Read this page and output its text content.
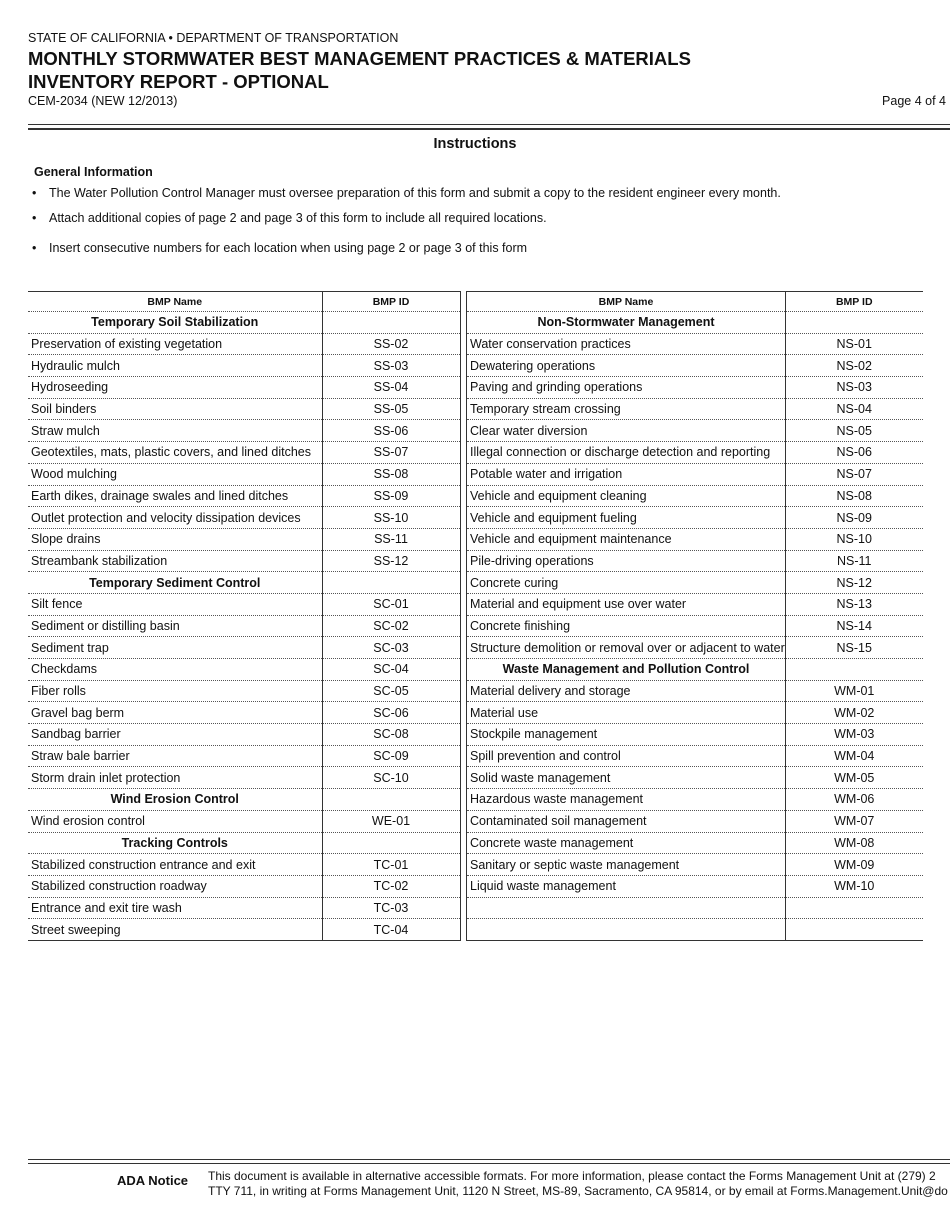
STATE OF CALIFORNIA • DEPARTMENT OF TRANSPORTATION
MONTHLY STORMWATER BEST MANAGEMENT PRACTICES & MATERIALS
INVENTORY REPORT - OPTIONAL
CEM-2034 (NEW 12/2013)	Page 4 of 4
Instructions
General Information
• The Water Pollution Control Manager must oversee preparation of this form and submit a copy to the resident engineer every month.
• Attach additional copies of page 2 and page 3 of this form to include all required locations.
• Insert consecutive numbers for each location when using page 2 or page 3 of this form
BMP Name	BMP ID
Temporary Soil Stabilization	
Preservation of existing vegetation	SS-02
Hydraulic mulch	SS-03
Hydroseeding	SS-04
Soil binders	SS-05
Straw mulch	SS-06
Geotextiles, mats, plastic covers, and lined ditches	SS-07
Wood mulching	SS-08
Earth dikes, drainage swales and lined ditches	SS-09
Outlet protection and velocity dissipation devices	SS-10
Slope drains	SS-11
Streambank stabilization	SS-12
Temporary Sediment Control	
Silt fence	SC-01
Sediment or distilling basin	SC-02
Sediment trap	SC-03
Checkdams	SC-04
Fiber rolls	SC-05
Gravel bag berm	SC-06
Sandbag barrier	SC-08
Straw bale barrier	SC-09
Storm drain inlet protection	SC-10
Wind Erosion Control	
Wind erosion control	WE-01
Tracking Controls	
Stabilized construction entrance and exit	TC-01
Stabilized construction roadway	TC-02
Entrance and exit tire wash	TC-03
Street sweeping	TC-04
BMP Name	BMP ID
Non-Stormwater Management	
Water conservation practices	NS-01
Dewatering operations	NS-02
Paving and grinding operations	NS-03
Temporary stream crossing	NS-04
Clear water diversion	NS-05
Illegal connection or discharge detection and reporting	NS-06
Potable water and irrigation	NS-07
Vehicle and equipment cleaning	NS-08
Vehicle and equipment fueling	NS-09
Vehicle and equipment maintenance	NS-10
Pile-driving operations	NS-11
Concrete curing	NS-12
Material and equipment use over water	NS-13
Concrete finishing	NS-14
Structure demolition or removal over or adjacent to water	NS-15
Waste Management and Pollution Control	
Material delivery and storage	WM-01
Material use	WM-02
Stockpile management	WM-03
Spill prevention and control	WM-04
Solid waste management	WM-05
Hazardous waste management	WM-06
Contaminated soil management	WM-07
Concrete waste management	WM-08
Sanitary or septic waste management	WM-09
Liquid waste management	WM-10

ADA Notice This document is available in alternative accessible formats. For more information, please contact the Forms Management Unit at (279) 2
TTY 711, in writing at Forms Management Unit, 1120 N Street, MS-89, Sacramento, CA 95814, or by email at Forms.Management.Unit@do
